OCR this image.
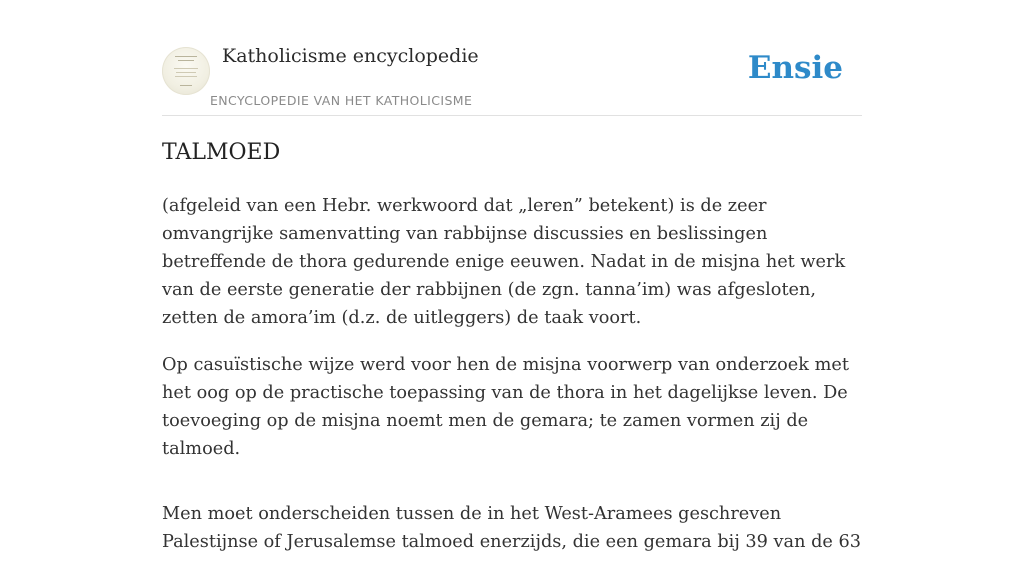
Katholicisme encyclopedie
ENCYCLOPEDIE VAN HET KATHOLICISME
Ensie
TALMOED

(afgeleid van een Hebr. werkwoord dat „leren” betekent) is de zeer omvangrijke samenvatting van rabbijnse discussies en beslissingen betreffende de thora gedurende enige eeuwen. Nadat in de misjna het werk van de eerste generatie der rabbijnen (de zgn. tanna’im) was afgesloten, zetten de amora’im (d.z. de uitleggers) de taak voort.

Op casuïstische wijze werd voor hen de misjna voorwerp van onderzoek met het oog op de practische toepassing van de thora in het dagelijkse leven. De toevoeging op de misjna noemt men de gemara; te zamen vormen zij de talmoed.

Men moet onderscheiden tussen de in het West-Aramees geschreven Palestijnse of Jerusalemse talmoed enerzijds, die een gemara bij 39 van de 63
